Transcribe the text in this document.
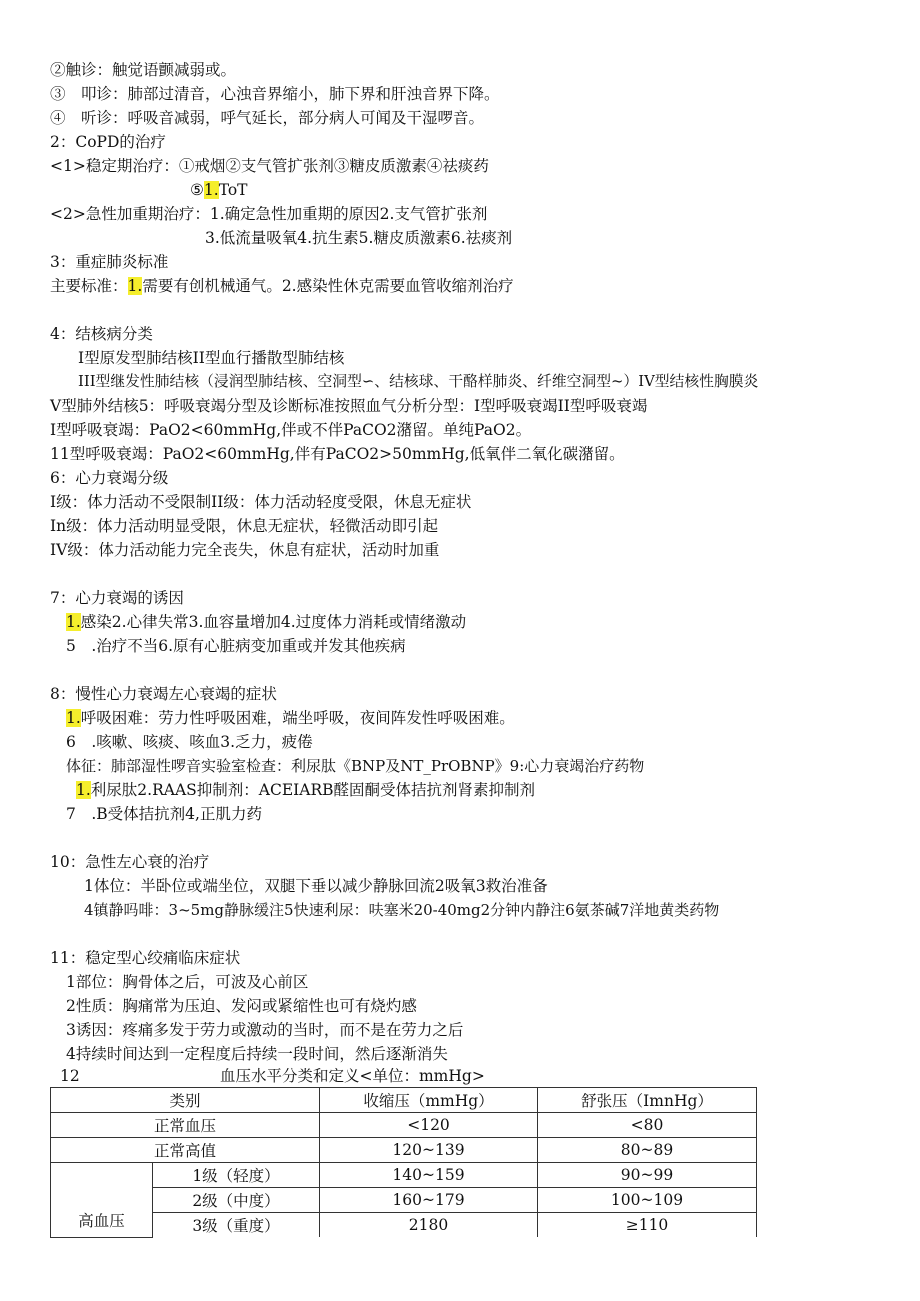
②触诊：触觉语颤减弱或。

③　叩诊：肺部过清音，心浊音界缩小，肺下界和肝浊音界下降。

④　听诊：呼吸音减弱，呼气延长，部分病人可闻及干湿啰音。

2：CoPD的治疗

<1>稳定期治疗：①戒烟②支气管扩张剂③糖皮质激素④祛痰药

⑤1.ToT

<2>急性加重期治疗：1.确定急性加重期的原因2.支气管扩张剂

3.低流量吸氧4.抗生素5.糖皮质激素6.祛痰剂

3：重症肺炎标准

主要标准：1.需要有创机械通气。2.感染性休克需要血管收缩剂治疗

4：结核病分类

I型原发型肺结核II型血行播散型肺结核

III型继发性肺结核（浸润型肺结核、空洞型∽、结核球、干酪样肺炎、纤维空洞型~）IV型结核性胸膜炎

V型肺外结核5：呼吸衰竭分型及诊断标准按照血气分析分型：I型呼吸衰竭II型呼吸衰竭

I型呼吸衰竭：PaO2<60mmHg,伴或不伴PaCO2潴留。单纯PaO2。

11型呼吸衰竭：PaO2<60mmHg,伴有PaCO2>50mmHg,低氧伴二氧化碳潴留。

6：心力衰竭分级

I级：体力活动不受限制II级：体力活动轻度受限，休息无症状

In级：体力活动明显受限，休息无症状，轻微活动即引起

IV级：体力活动能力完全丧失，休息有症状，活动时加重

7：心力衰竭的诱因

1.感染2.心律失常3.血容量增加4.过度体力消耗或情绪激动

5　.治疗不当6.原有心脏病变加重或并发其他疾病

8：慢性心力衰竭左心衰竭的症状

1.呼吸困难：劳力性呼吸困难，端坐呼吸，夜间阵发性呼吸困难。

6　.咳嗽、咳痰、咳血3.乏力，疲倦

体征：肺部湿性啰音实验室检查：利尿肽《BNP及NT_PrOBNP》9:心力衰竭治疗药物

1.利尿肽2.RAAS抑制剂：ACEIARB醛固酮受体拮抗剂肾素抑制剂

7　.B受体拮抗剂4,正肌力药

10：急性左心衰的治疗

1体位：半卧位或端坐位，双腿下垂以减少静脉回流2吸氧3救治准备

4镇静吗啡：3~5mg静脉缓注5快速利尿：呋塞米20-40mg2分钟内静注6氨茶碱7洋地黄类药物

11：稳定型心绞痛临床症状

1部位：胸骨体之后，可波及心前区

2性质：胸痛常为压迫、发闷或紧缩性也可有烧灼感

3诱因：疼痛多发于劳力或激动的当时，而不是在劳力之后

4持续时间达到一定程度后持续一段时间，然后逐渐消失

12	血压水平分类和定义<单位：mmHg>

类别		收缩压（mmHg）	舒张压（ImnHg）
正常血压		<120	<80
正常高值		120~139	80~89
高血压	1级（轻度）	140~159	90~99
	2级（中度）	160~179	100~109
	3级（重度）	2180	≥110
